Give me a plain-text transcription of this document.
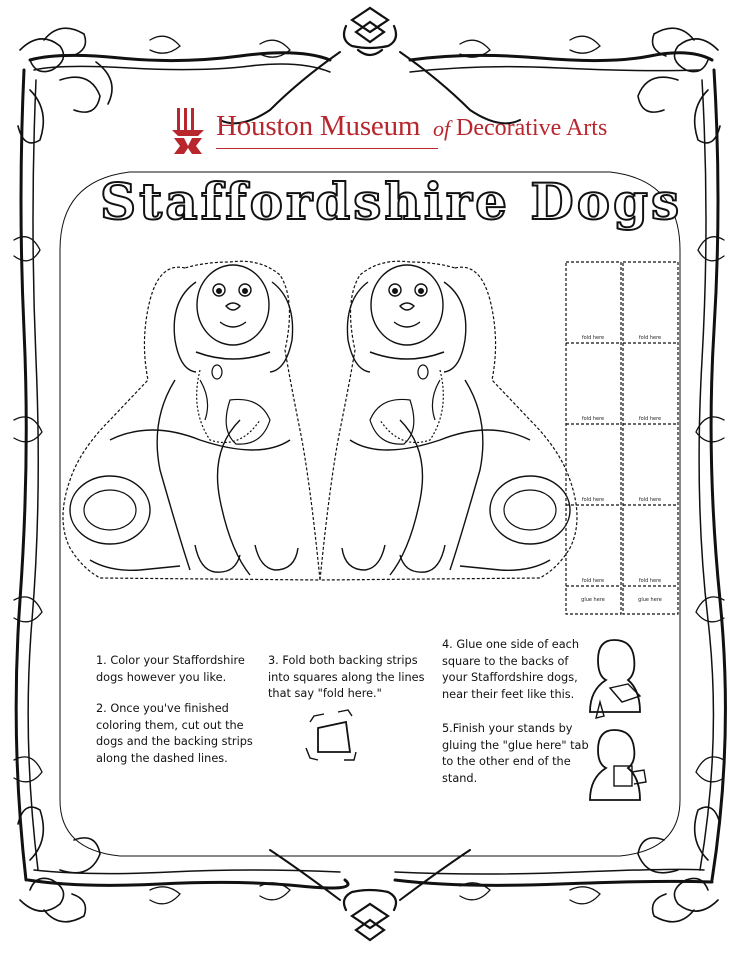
Houston Museum of Decorative Arts
Staffordshire Dogs
fold here	fold here
fold here	fold here
fold here	fold here
fold here	fold here
glue here	glue here
1. Color your Staffordshire dogs however you like.
2. Once you've finished coloring them, cut out the dogs and the backing strips along the dashed lines.
3. Fold both backing strips into squares along the lines that say "fold here."
4. Glue one side of each square to the backs of your Staffordshire dogs, near their feet like this.
5.Finish your stands by gluing the "glue here" tab to the other end of the stand.
